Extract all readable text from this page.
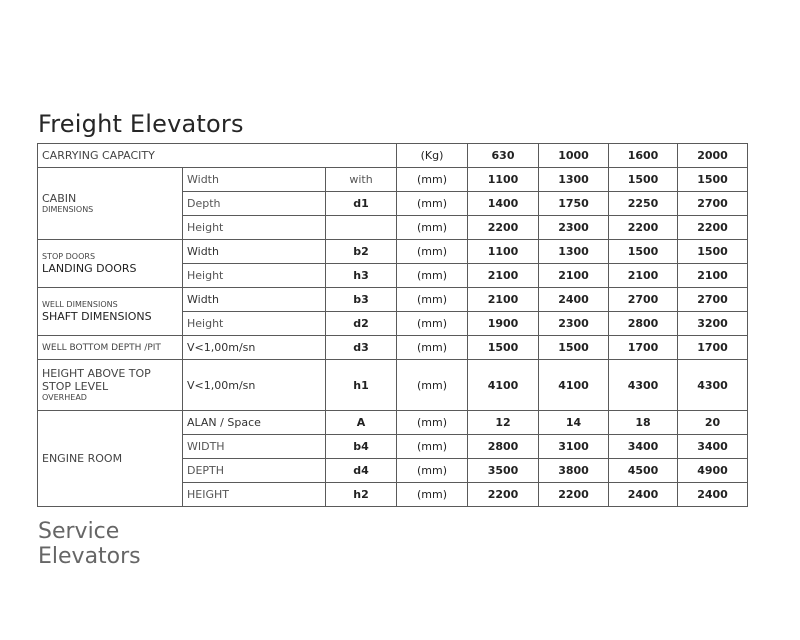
Freight Elevators
CARRYING CAPACITY			(Kg)	630	1000	1600	2000

CABIN
DIMENSIONS	Width	with	(mm)	1100	1300	1500	1500
	Depth	d1	(mm)	1400	1750	2250	2700
	Height		(mm)	2200	2300	2200	2200

STOP DOORS
LANDING DOORS	Width	b2	(mm)	1100	1300	1500	1500
	Height	h3	(mm)	2100	2100	2100	2100

WELL DIMENSIONS
SHAFT DIMENSIONS	Width	b3	(mm)	2100	2400	2700	2700
	Height	d2	(mm)	1900	2300	2800	3200
WELL BOTTOM DEPTH /PIT	V<1,00m/sn	d3	(mm)	1500	1500	1700	1700

HEIGHT ABOVE TOP
STOP LEVEL
OVERHEAD	V<1,00m/sn	h1	(mm)	4100	4100	4300	4300
ENGINE ROOM	ALAN / Space	A	(mm)	12	14	18	20
	WIDTH	b4	(mm)	2800	3100	3400	3400
	DEPTH	d4	(mm)	3500	3800	4500	4900
	HEIGHT	h2	(mm)	2200	2200	2400	2400
Service Elevators
